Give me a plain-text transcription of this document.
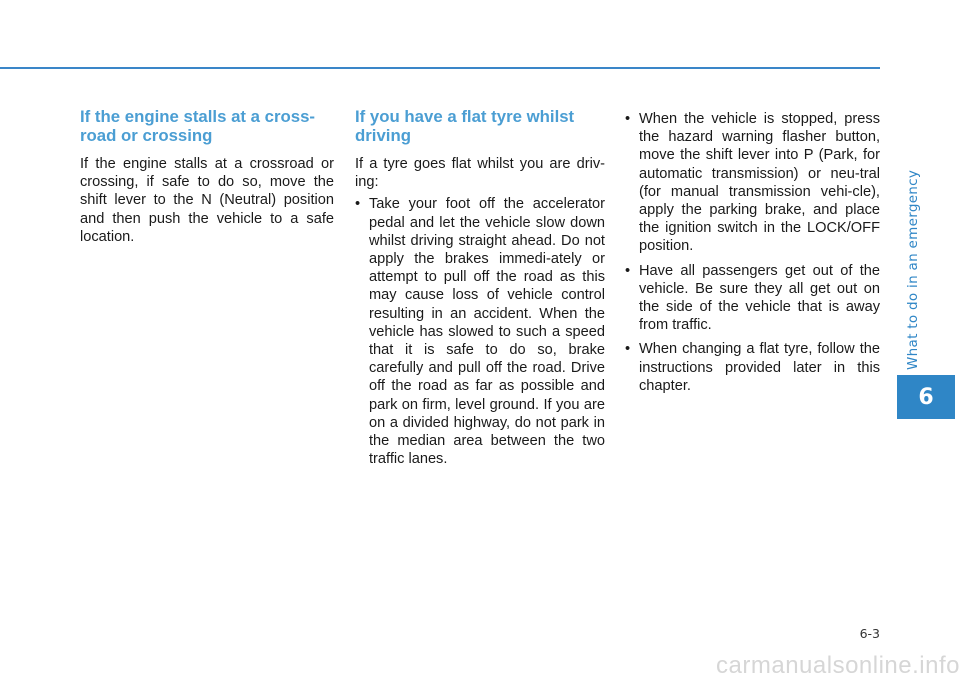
What to do in an emergency
6
If the engine stalls at a cross-road or crossing

If the engine stalls at a crossroad or crossing, if safe to do so, move the shift lever to the N (Neutral) position and then push the vehicle to a safe location.

If you have a flat tyre whilst driving

If a tyre goes flat whilst you are driv-ing:

• Take your foot off the accelerator pedal and let the vehicle slow down whilst driving straight ahead. Do not apply the brakes immedi-ately or attempt to pull off the road as this may cause loss of vehicle control resulting in an accident. When the vehicle has slowed to such a speed that it is safe to do so, brake carefully and pull off the road. Drive off the road as far as possible and park on firm, level ground. If you are on a divided highway, do not park in the median area between the two traffic lanes.
• When the vehicle is stopped, press the hazard warning flasher button, move the shift lever into P (Park, for automatic transmission) or neu-tral (for manual transmission vehi-cle), apply the parking brake, and place the ignition switch in the LOCK/OFF position.
• Have all passengers get out of the vehicle. Be sure they all get out on the side of the vehicle that is away from traffic.
• When changing a flat tyre, follow the instructions provided later in this chapter.
6-3
carmanualsonline.info
